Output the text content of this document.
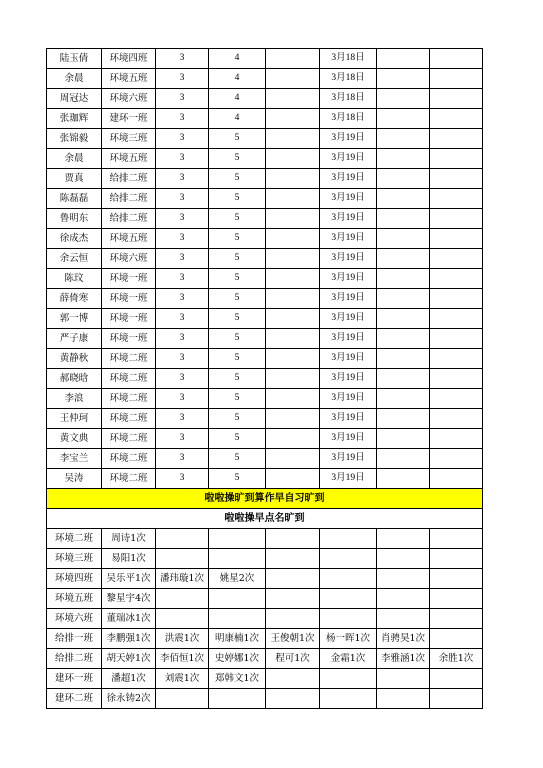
陆玉倩	环境四班	3	4		3月18日		
余晨	环境五班	3	4		3月18日		
周冠达	环境六班	3	4		3月18日		
张珈辉	建环一班	3	4		3月18日		
张锦毅	环境三班	3	5		3月19日		
余晨	环境五班	3	5		3月19日		
贾真	给排二班	3	5		3月19日		
陈磊磊	给排二班	3	5		3月19日		
鲁明东	给排二班	3	5		3月19日		
徐成杰	环境五班	3	5		3月19日		
余云恒	环境六班	3	5		3月19日		
陈玟	环境一班	3	5		3月19日		
薛倚寒	环境一班	3	5		3月19日		
郭一博	环境一班	3	5		3月19日		
严子康	环境一班	3	5		3月19日		
黄静秋	环境二班	3	5		3月19日		
郝晓晗	环境二班	3	5		3月19日		
李浪	环境二班	3	5		3月19日		
王仲珂	环境二班	3	5		3月19日		
黄文典	环境二班	3	5		3月19日		
李宝兰	环境二班	3	5		3月19日		
吴涛	环境二班	3	5		3月19日		
啦啦操旷到算作早自习旷到							
啦啦操早点名旷到							
环境二班	周诗1次						
环境三班	易阳1次						
环境四班	吴乐平1次	潘玮璇1次	姚星2次				
环境五班	黎星宇4次						
环境六班	董瑞冰1次						
给排一班	李鹏强1次	洪震1次	明康楠1次	王俊朝1次	杨一晖1次	肖骋昊1次	
给排二班	胡天婷1次	李佰恒1次	史婷娜1次	程可1次	金霜1次	李雅涵1次	余胜1次
建环一班	潘超1次	刘震1次	郑韩文1次				
建环二班	徐永铸2次						
